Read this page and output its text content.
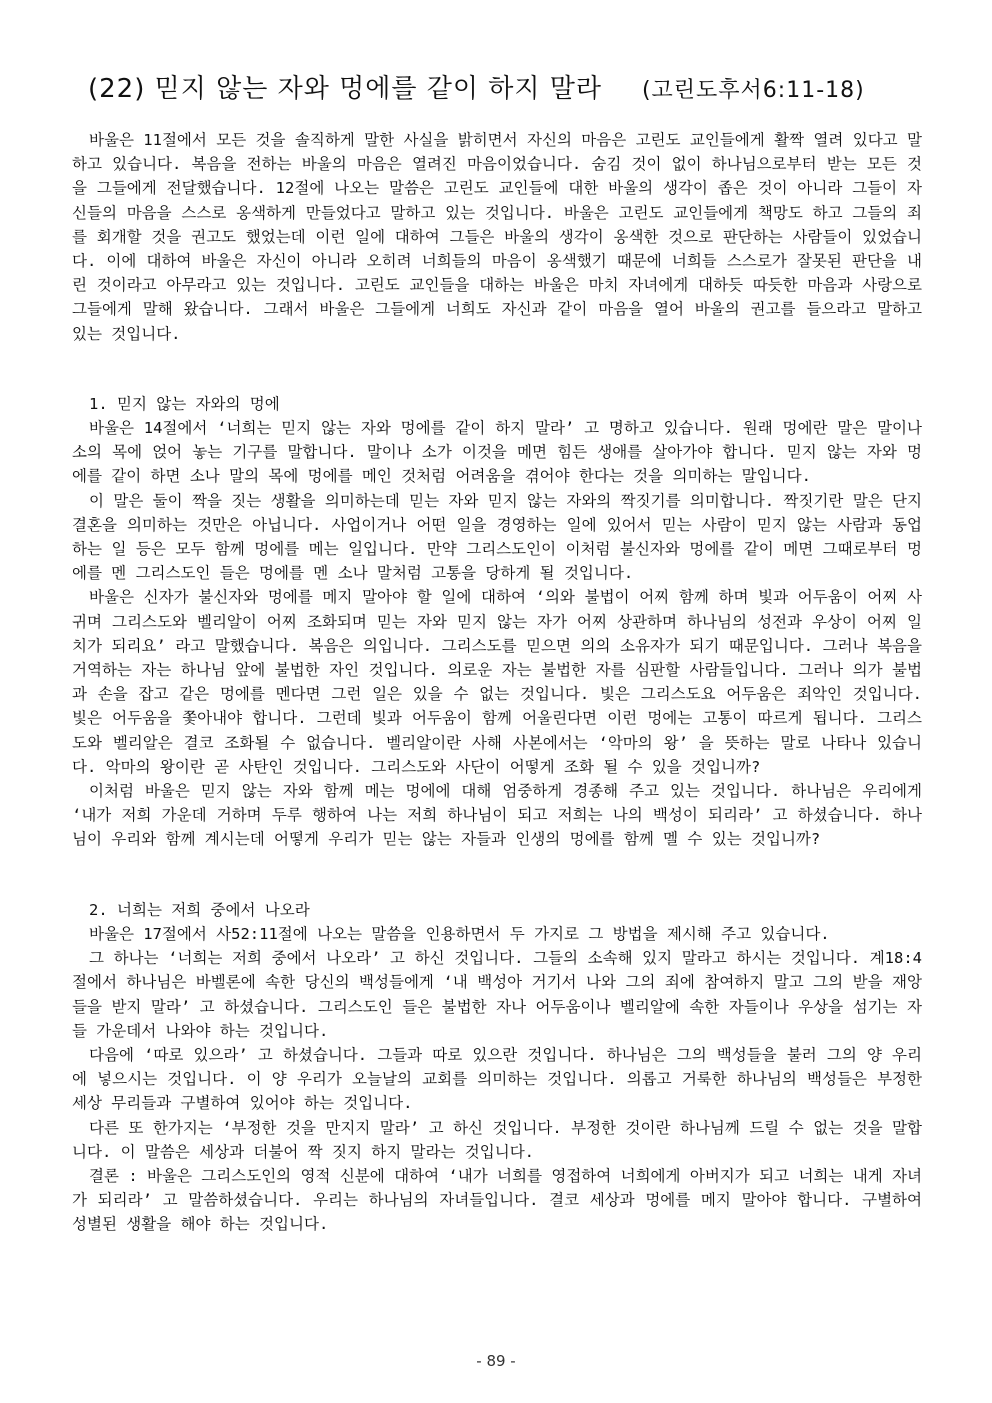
(22) 믿지 않는 자와 멍에를 같이 하지 말라 (고린도후서6:11-18)

바울은 11절에서 모든 것을 솔직하게 말한 사실을 밝히면서 자신의 마음은 고린도 교인들에게 활짝 열려 있다고 말하고 있습니다. 복음을 전하는 바울의 마음은 열려진 마음이었습니다. 숨김 것이 없이 하나님으로부터 받는 모든 것을 그들에게 전달했습니다. 12절에 나오는 말씀은 고린도 교인들에 대한 바울의 생각이 좁은 것이 아니라 그들이 자신들의 마음을 스스로 옹색하게 만들었다고 말하고 있는 것입니다. 바울은 고린도 교인들에게 책망도 하고 그들의 죄를 회개할 것을 권고도 했었는데 이런 일에 대하여 그들은 바울의 생각이 옹색한 것으로 판단하는 사람들이 있었습니다. 이에 대하여 바울은 자신이 아니라 오히려 너희들의 마음이 옹색했기 때문에 너희들 스스로가 잘못된 판단을 내린 것이라고 아무라고 있는 것입니다. 고린도 교인들을 대하는 바울은 마치 자녀에게 대하듯 따듯한 마음과 사랑으로 그들에게 말해 왔습니다. 그래서 바울은 그들에게 너희도 자신과 같이 마음을 열어 바울의 권고를 들으라고 말하고 있는 것입니다.

1. 믿지 않는 자와의 멍에

바울은 14절에서 ‘너희는 믿지 않는 자와 멍에를 같이 하지 말라’ 고 명하고 있습니다. 원래 멍에란 말은 말이나 소의 목에 얹어 놓는 기구를 말합니다. 말이나 소가 이것을 메면 힘든 생애를 살아가야 합니다. 믿지 않는 자와 멍에를 같이 하면 소나 말의 목에 멍에를 메인 것처럼 어려움을 겪어야 한다는 것을 의미하는 말입니다.

이 말은 둘이 짝을 짓는 생활을 의미하는데 믿는 자와 믿지 않는 자와의 짝짓기를 의미합니다. 짝짓기란 말은 단지 결혼을 의미하는 것만은 아닙니다. 사업이거나 어떤 일을 경영하는 일에 있어서 믿는 사람이 믿지 않는 사람과 동업하는 일 등은 모두 함께 멍에를 메는 일입니다. 만약 그리스도인이 이처럼 불신자와 멍에를 같이 메면 그때로부터 멍에를 멘 그리스도인 들은 멍에를 멘 소나 말처럼 고통을 당하게 될 것입니다.

바울은 신자가 불신자와 멍에를 메지 말아야 할 일에 대하여 ‘의와 불법이 어찌 함께 하며 빛과 어두움이 어찌 사귀며 그리스도와 벨리알이 어찌 조화되며 믿는 자와 믿지 않는 자가 어찌 상관하며 하나님의 성전과 우상이 어찌 일치가 되리요’ 라고 말했습니다. 복음은 의입니다. 그리스도를 믿으면 의의 소유자가 되기 때문입니다. 그러나 복음을 거역하는 자는 하나님 앞에 불법한 자인 것입니다. 의로운 자는 불법한 자를 심판할 사람들입니다. 그러나 의가 불법과 손을 잡고 같은 멍에를 멘다면 그런 일은 있을 수 없는 것입니다. 빛은 그리스도요 어두움은 죄악인 것입니다. 빛은 어두움을 쫓아내야 합니다. 그런데 빛과 어두움이 함께 어울린다면 이런 멍에는 고통이 따르게 됩니다. 그리스도와 벨리알은 결코 조화될 수 없습니다. 벨리알이란 사해 사본에서는 ‘악마의 왕’ 을 뜻하는 말로 나타나 있습니다. 악마의 왕이란 곧 사탄인 것입니다. 그리스도와 사단이 어떻게 조화 될 수 있을 것입니까?

이처럼 바울은 믿지 않는 자와 함께 메는 멍에에 대해 엄중하게 경종해 주고 있는 것입니다. 하나님은 우리에게 ‘내가 저희 가운데 거하며 두루 행하여 나는 저희 하나님이 되고 저희는 나의 백성이 되리라’ 고 하셨습니다. 하나님이 우리와 함께 계시는데 어떻게 우리가 믿는 않는 자들과 인생의 멍에를 함께 멜 수 있는 것입니까?

2. 너희는 저희 중에서 나오라

바울은 17절에서 사52:11절에 나오는 말씀을 인용하면서 두 가지로 그 방법을 제시해 주고 있습니다.

그 하나는 ‘너희는 저희 중에서 나오라’ 고 하신 것입니다. 그들의 소속해 있지 말라고 하시는 것입니다. 계18:4절에서 하나님은 바벨론에 속한 당신의 백성들에게 ‘내 백성아 거기서 나와 그의 죄에 참여하지 말고 그의 받을 재앙들을 받지 말라’ 고 하셨습니다. 그리스도인 들은 불법한 자나 어두움이나 벨리알에 속한 자들이나 우상을 섬기는 자들 가운데서 나와야 하는 것입니다.

다음에 ‘따로 있으라’ 고 하셨습니다. 그들과 따로 있으란 것입니다. 하나님은 그의 백성들을 불러 그의 양 우리에 넣으시는 것입니다. 이 양 우리가 오늘날의 교회를 의미하는 것입니다. 의롭고 거룩한 하나님의 백성들은 부정한 세상 무리들과 구별하여 있어야 하는 것입니다.

다른 또 한가지는 ‘부정한 것을 만지지 말라’ 고 하신 것입니다. 부정한 것이란 하나님께 드릴 수 없는 것을 말합니다. 이 말씀은 세상과 더불어 짝 짓지 하지 말라는 것입니다.

결론 : 바울은 그리스도인의 영적 신분에 대하여 ‘내가 너희를 영접하여 너희에게 아버지가 되고 너희는 내게 자녀가 되리라’ 고 말씀하셨습니다. 우리는 하나님의 자녀들입니다. 결코 세상과 멍에를 메지 말아야 합니다. 구별하여 성별된 생활을 해야 하는 것입니다.

- 89 -
